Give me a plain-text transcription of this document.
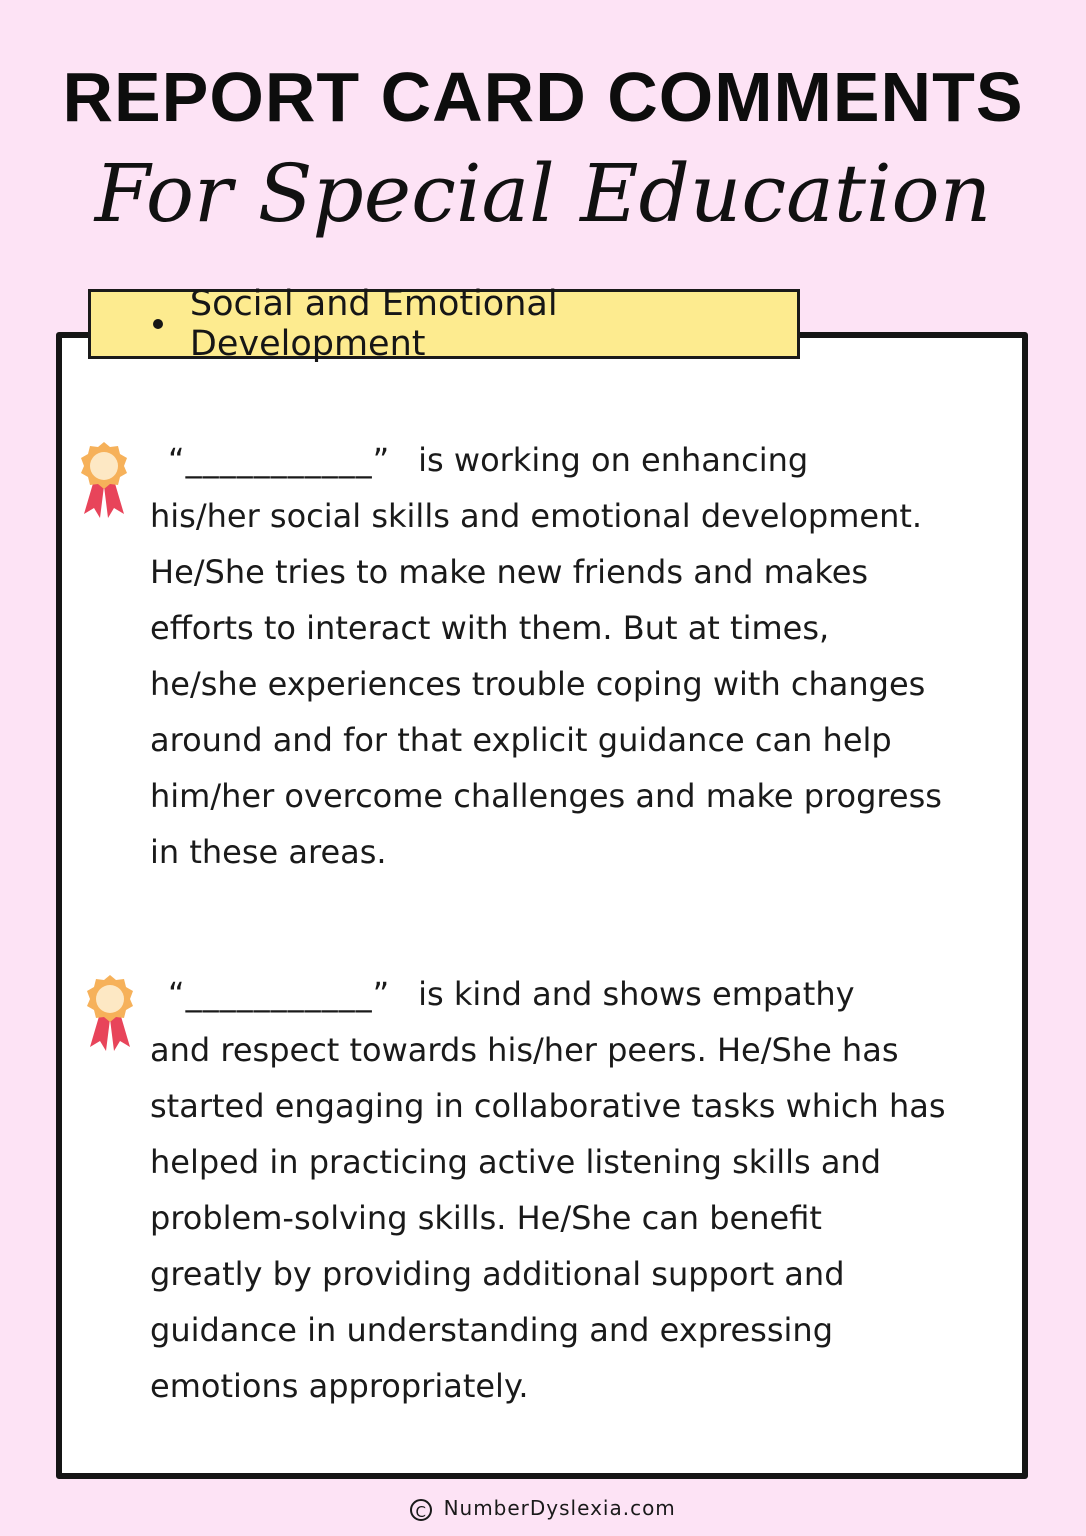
REPORT CARD COMMENTS
For Special Education
Social and Emotional Development
“___________” is working on enhancing
his/her social skills and emotional development.
He/She tries to make new friends and makes
efforts to interact with them. But at times,
he/she experiences trouble coping with changes
around and for that explicit guidance can help
him/her overcome challenges and make progress
in these areas.
“___________” is kind and shows empathy
and respect towards his/her peers. He/She has
started engaging in collaborative tasks which has
helped in practicing active listening skills and
problem-solving skills. He/She can benefit
greatly by providing additional support and
guidance in understanding and expressing
emotions appropriately.
C NumberDyslexia.com
